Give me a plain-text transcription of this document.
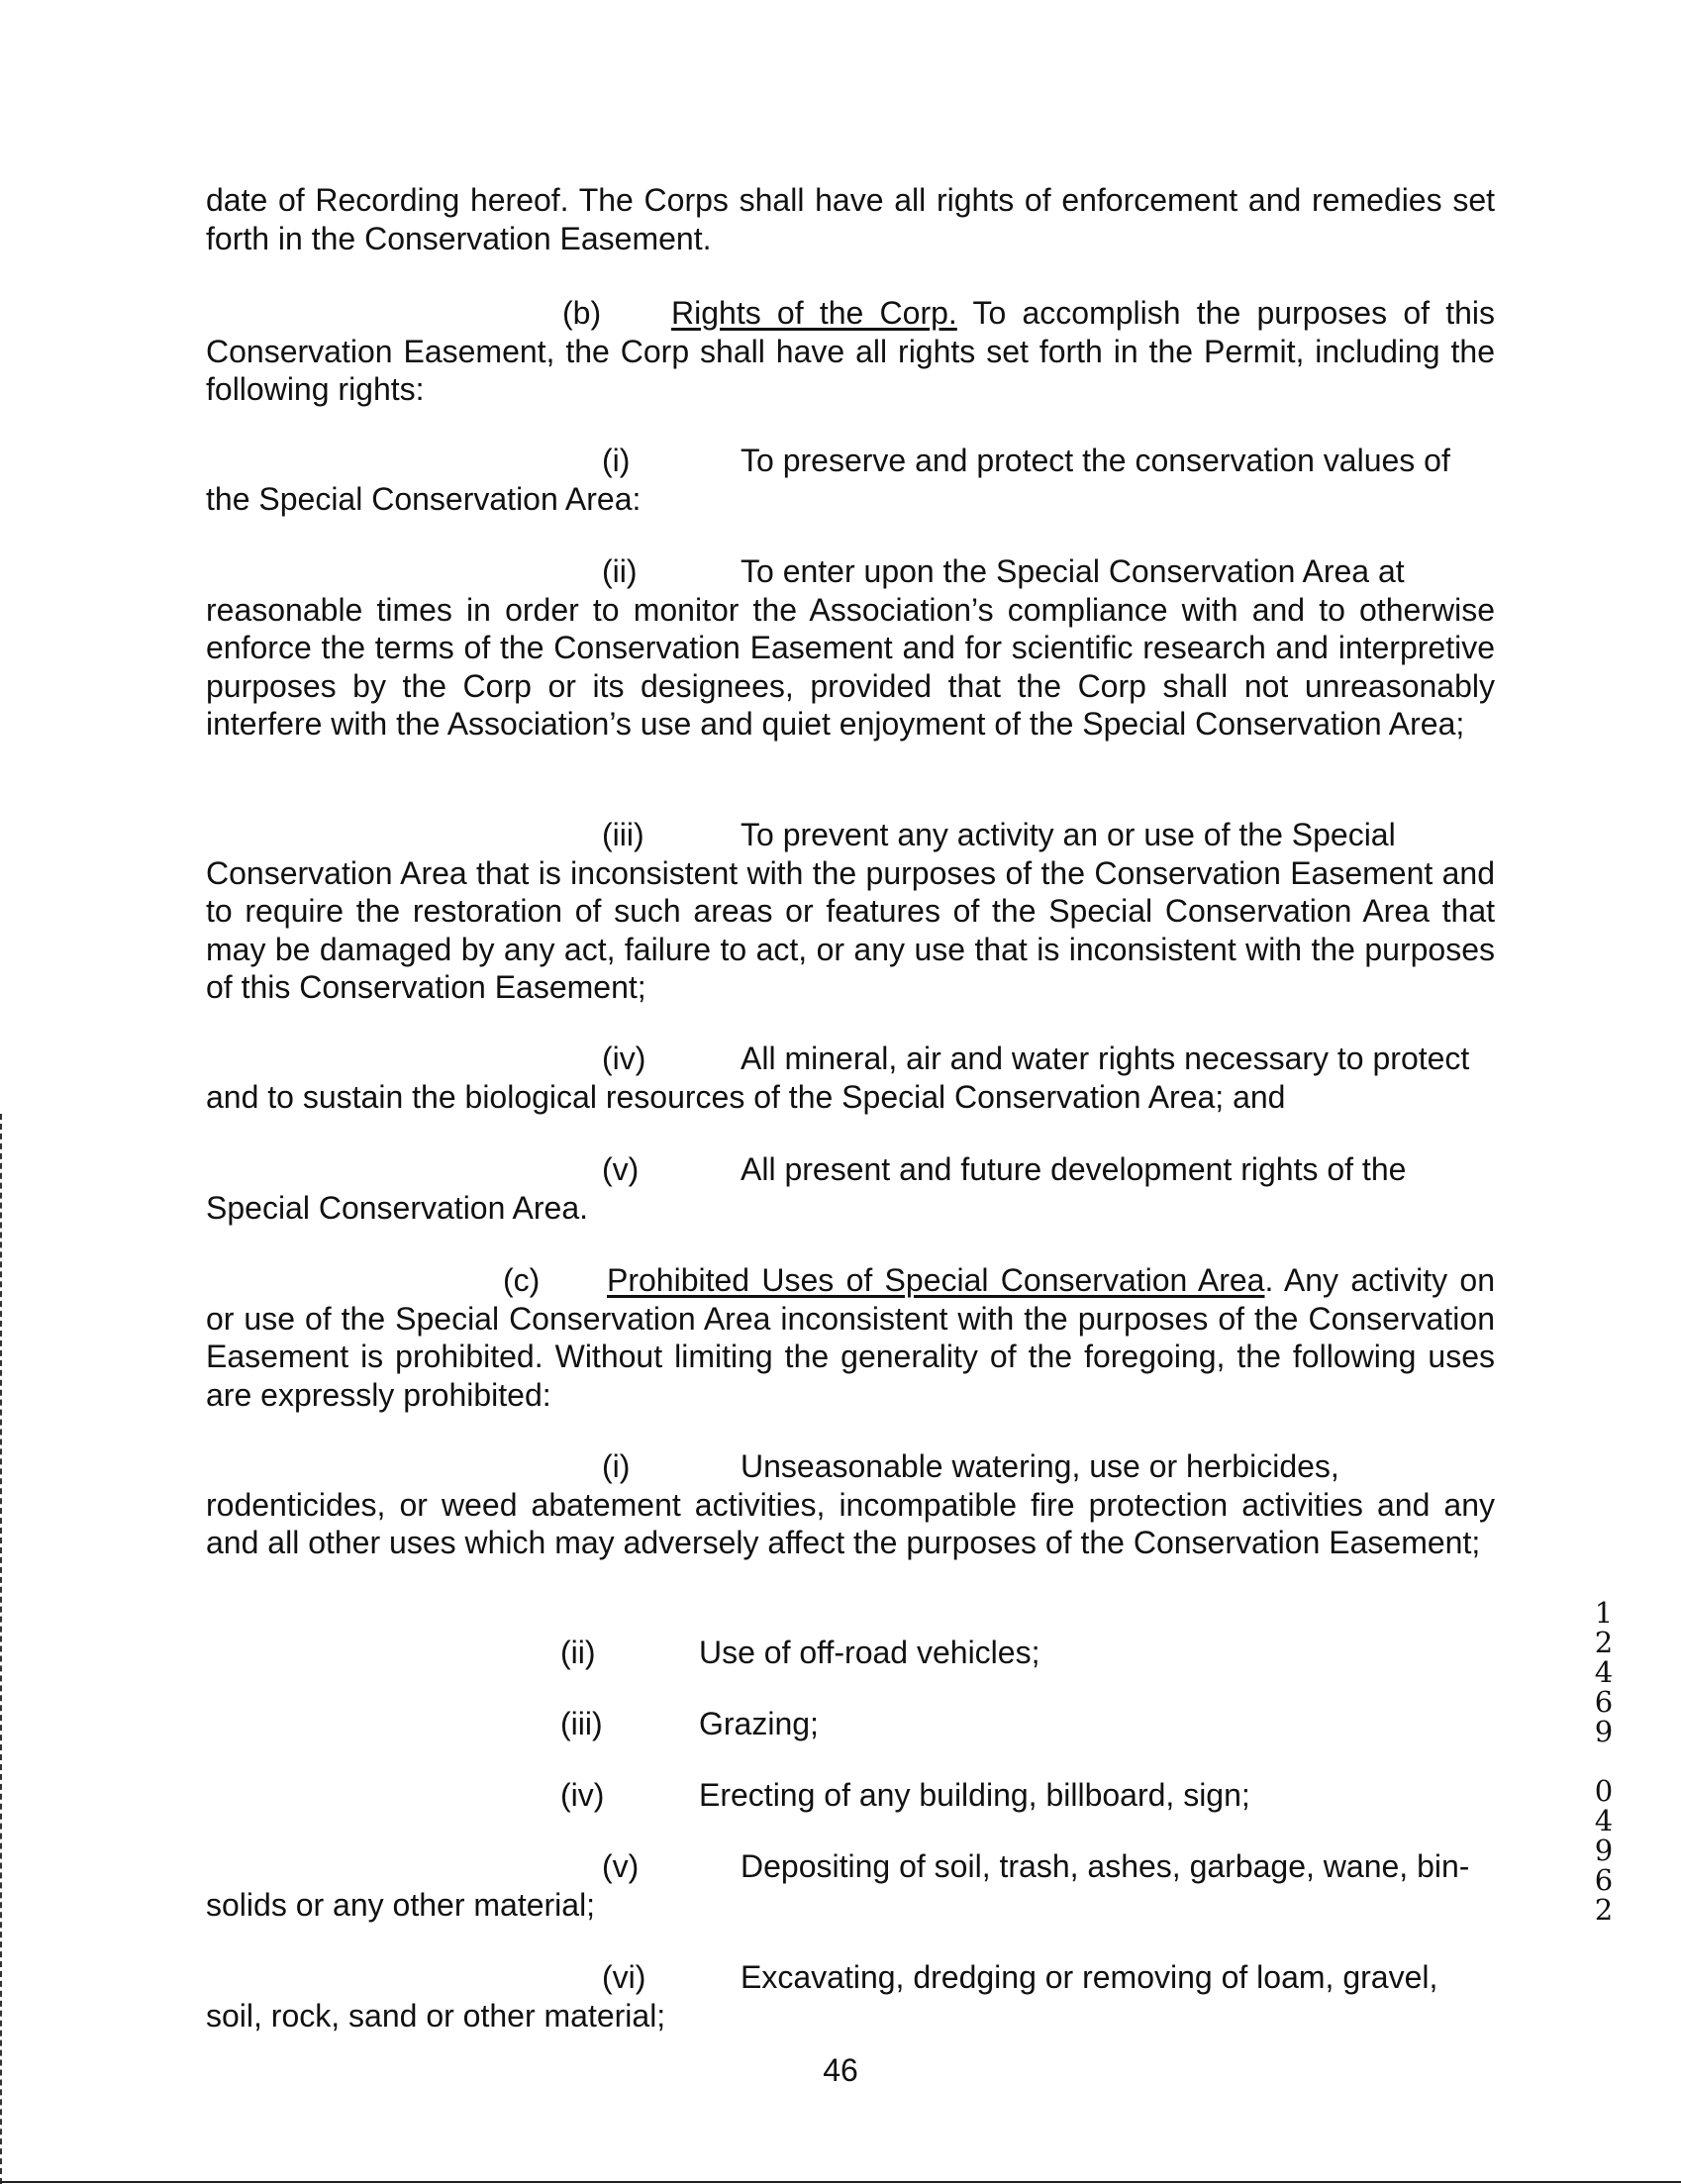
date of Recording hereof. The Corps shall have all rights of enforcement and remedies set forth in the Conservation Easement.

(b) Rights of the Corp. To accomplish the purposes of this Conservation Easement, the Corp shall have all rights set forth in the Permit, including the following rights:

(i)	To preserve and protect the conservation values of
the Special Conservation Area:

(ii)	To enter upon the Special Conservation Area at
reasonable times in order to monitor the Association’s compliance with and to otherwise enforce the terms of the Conservation Easement and for scientific research and interpretive purposes by the Corp or its designees, provided that the Corp shall not unreasonably interfere with the Association’s use and quiet enjoyment of the Special Conservation Area;

(iii)	To prevent any activity an or use of the Special
Conservation Area that is inconsistent with the purposes of the Conservation Easement and to require the restoration of such areas or features of the Special Conservation Area that may be damaged by any act, failure to act, or any use that is inconsistent with the purposes of this Conservation Easement;

(iv)	All mineral, air and water rights necessary to protect
and to sustain the biological resources of the Special Conservation Area; and

(v)	All present and future development rights of the
Special Conservation Area.

(c) Prohibited Uses of Special Conservation Area. Any activity on or use of the Special Conservation Area inconsistent with the purposes of the Conservation Easement is prohibited. Without limiting the generality of the foregoing, the following uses are expressly prohibited:

(i)	Unseasonable watering, use or herbicides,
rodenticides, or weed abatement activities, incompatible fire protection activities and any and all other uses which may adversely affect the purposes of the Conservation Easement;

(ii)	Use of off-road vehicles;

(iii)	Grazing;

(iv)	Erecting of any building, billboard, sign;

(v)	Depositing of soil, trash, ashes, garbage, wane, bin-
solids or any other material;

(vi)	Excavating, dredging or removing of loam, gravel,
soil, rock, sand or other material;

46
12469 04962
